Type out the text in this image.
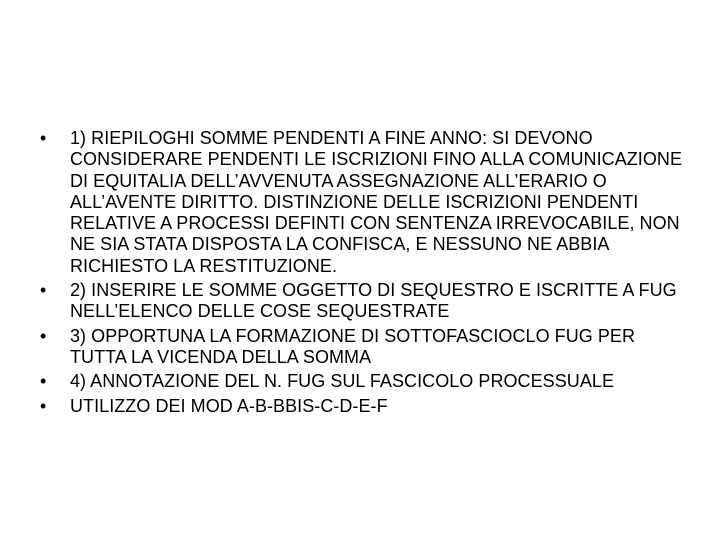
• 1) RIEPILOGHI SOMME PENDENTI A FINE ANNO: SI DEVONO CONSIDERARE PENDENTI LE ISCRIZIONI FINO ALLA COMUNICAZIONE DI EQUITALIA DELL’AVVENUTA ASSEGNAZIONE ALL’ERARIO O ALL’AVENTE DIRITTO. DISTINZIONE DELLE ISCRIZIONI PENDENTI RELATIVE A PROCESSI DEFINTI CON SENTENZA IRREVOCABILE, NON NE SIA STATA DISPOSTA LA CONFISCA, E NESSUNO NE ABBIA RICHIESTO LA RESTITUZIONE.
• 2) INSERIRE LE SOMME OGGETTO DI SEQUESTRO E ISCRITTE A FUG NELL’ELENCO DELLE COSE SEQUESTRATE
• 3) OPPORTUNA LA FORMAZIONE DI SOTTOFASCIOCLO FUG PER TUTTA LA VICENDA DELLA SOMMA
• 4) ANNOTAZIONE DEL N. FUG SUL FASCICOLO PROCESSUALE
• UTILIZZO DEI MOD A-B-BBIS-C-D-E-F
